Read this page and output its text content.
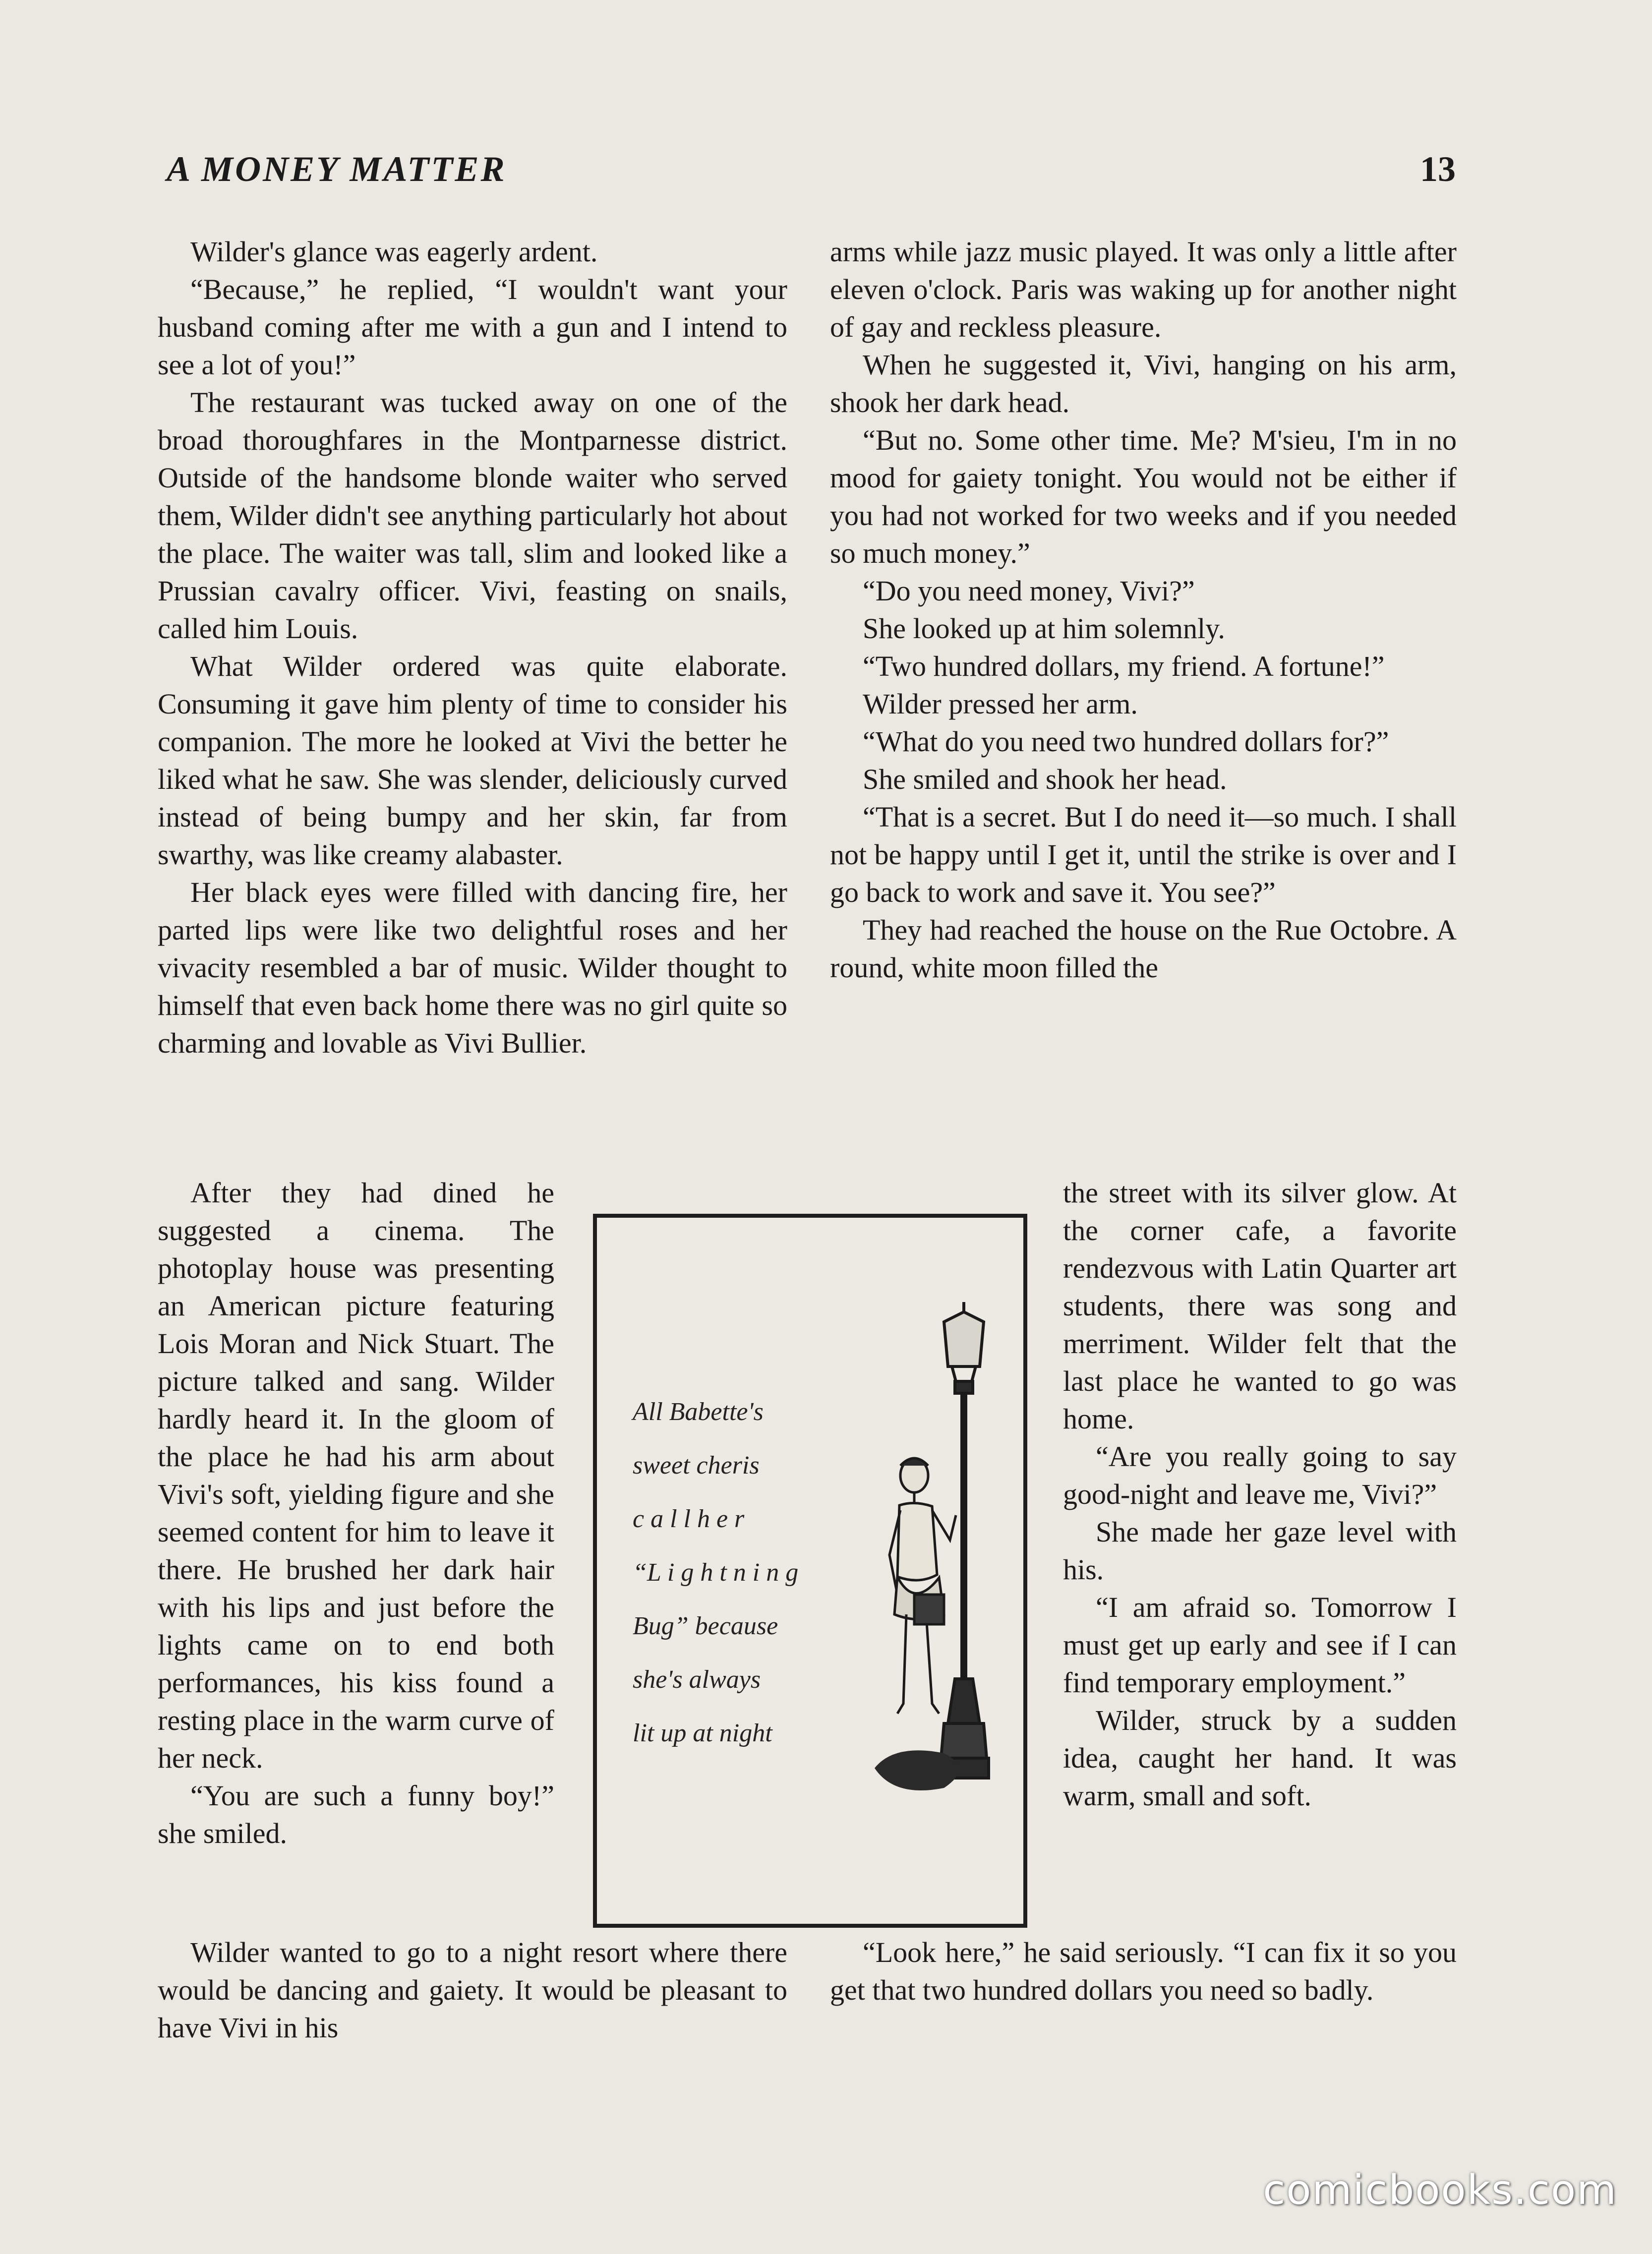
A MONEY MATTER	13

Wilder's glance was eagerly ardent.

“Because,” he replied, “I wouldn't want your husband coming after me with a gun and I intend to see a lot of you!”

The restaurant was tucked away on one of the broad thoroughfares in the Montparnesse district. Outside of the handsome blonde waiter who served them, Wilder didn't see anything particularly hot about the place. The waiter was tall, slim and looked like a Prussian cavalry officer. Vivi, feasting on snails, called him Louis.

What Wilder ordered was quite elaborate. Consuming it gave him plenty of time to consider his companion. The more he looked at Vivi the better he liked what he saw. She was slender, deliciously curved instead of being bumpy and her skin, far from swarthy, was like creamy alabaster.

Her black eyes were filled with dancing fire, her parted lips were like two delightful roses and her vivacity resembled a bar of music. Wilder thought to himself that even back home there was no girl quite so charming and lovable as Vivi Bullier.

arms while jazz music played. It was only a little after eleven o'clock. Paris was waking up for another night of gay and reckless pleasure.

When he suggested it, Vivi, hanging on his arm, shook her dark head.

“But no. Some other time. Me? M'sieu, I'm in no mood for gaiety tonight. You would not be either if you had not worked for two weeks and if you needed so much money.”

“Do you need money, Vivi?”

She looked up at him solemnly.

“Two hundred dollars, my friend. A fortune!”

Wilder pressed her arm.

“What do you need two hundred dollars for?”

She smiled and shook her head.

“That is a secret. But I do need it—so much. I shall not be happy until I get it, until the strike is over and I go back to work and save it. You see?”

They had reached the house on the Rue Octobre. A round, white moon filled the

After they had dined he suggested a cinema. The photoplay house was presenting an American picture featuring Lois Moran and Nick Stuart. The picture talked and sang. Wilder hardly heard it. In the gloom of the place he had his arm about Vivi's soft, yielding figure and she seemed content for him to leave it there. He brushed her dark hair with his lips and just before the lights came on to end both performances, his kiss found a resting place in the warm curve of her neck.

“You are such a funny boy!” she smiled.

the street with its silver glow. At the corner cafe, a favorite rendezvous with Latin Quarter art students, there was song and merriment. Wilder felt that the last place he wanted to go was home.

“Are you really going to say good-night and leave me, Vivi?”

She made her gaze level with his.

“I am afraid so. Tomorrow I must get up early and see if I can find temporary employment.”

Wilder, struck by a sudden idea, caught her hand. It was warm, small and soft.

All Babette's
sweet cheris
c a l l h e r
“L i g h t n i n g
Bug” because
she's always
lit up at night

Wilder wanted to go to a night resort where there would be dancing and gaiety. It would be pleasant to have Vivi in his

“Look here,” he said seriously. “I can fix it so you get that two hundred dollars you need so badly.

comicbooks.com
